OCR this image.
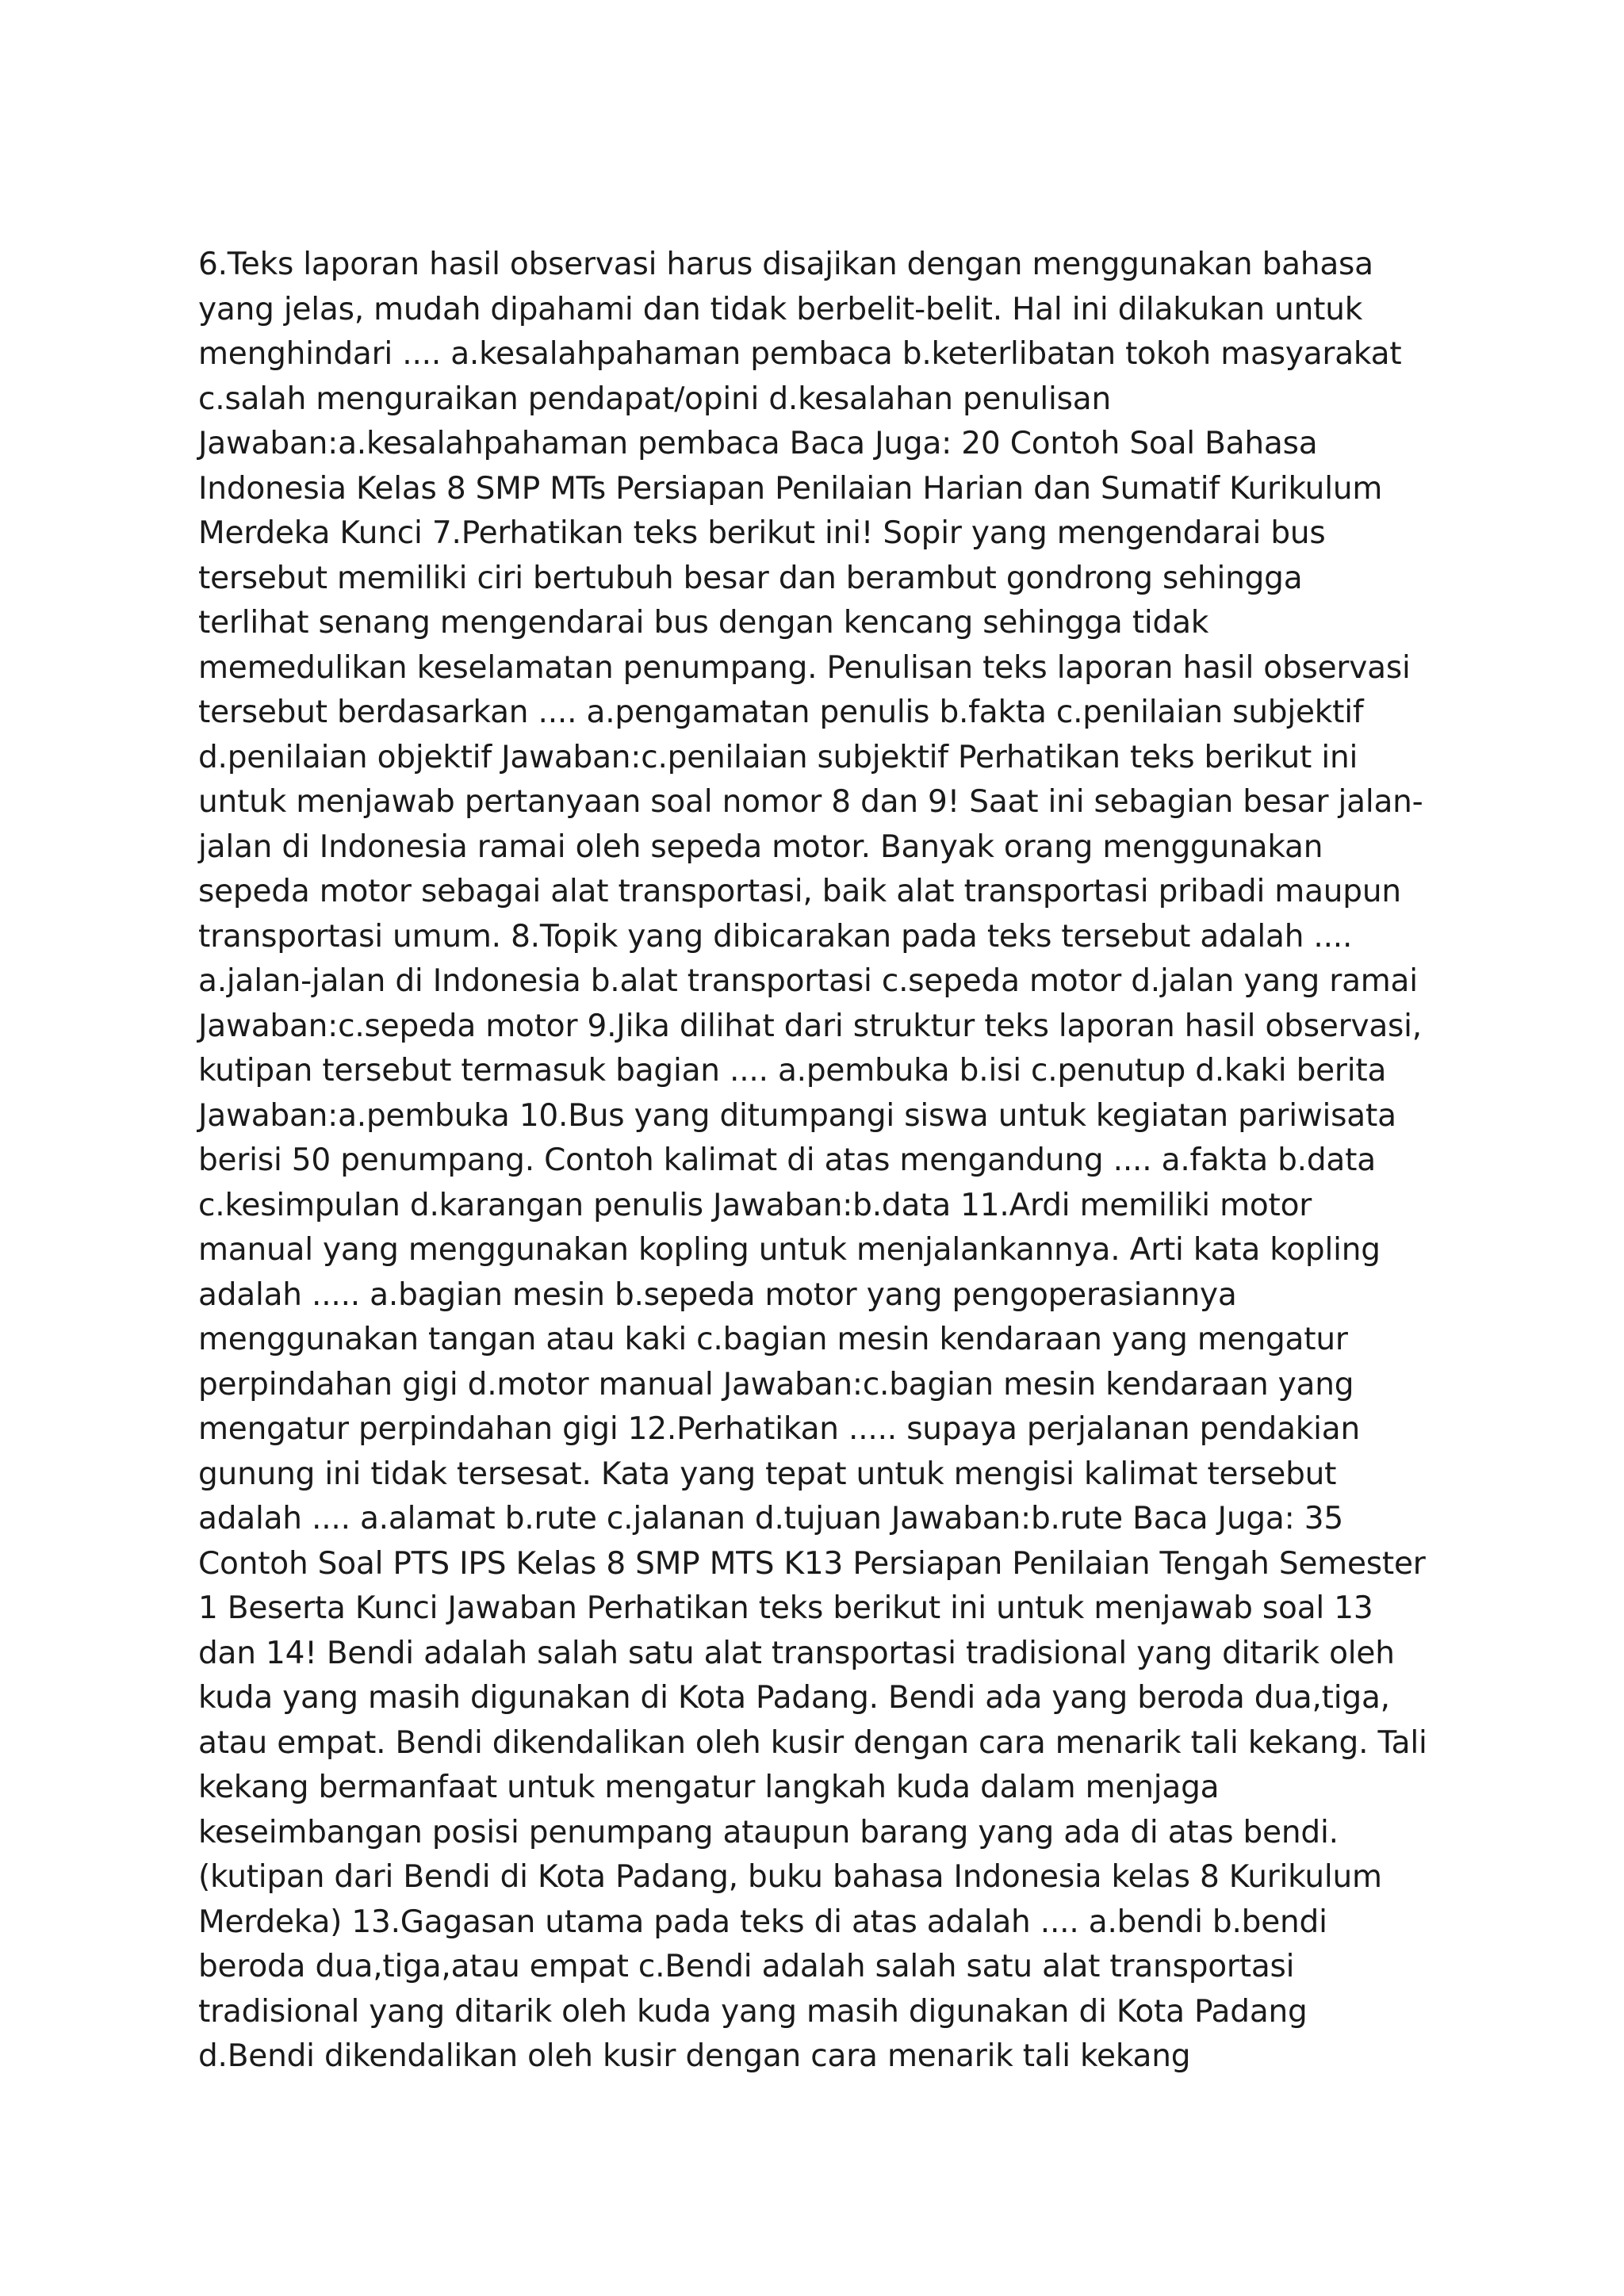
6.Teks laporan hasil observasi harus disajikan dengan menggunakan bahasa
yang jelas, mudah dipahami dan tidak berbelit-belit. Hal ini dilakukan untuk
menghindari .... a.kesalahpahaman pembaca b.keterlibatan tokoh masyarakat
c.salah menguraikan pendapat/opini d.kesalahan penulisan
Jawaban:a.kesalahpahaman pembaca Baca Juga: 20 Contoh Soal Bahasa
Indonesia Kelas 8 SMP MTs Persiapan Penilaian Harian dan Sumatif Kurikulum
Merdeka Kunci 7.Perhatikan teks berikut ini! Sopir yang mengendarai bus
tersebut memiliki ciri bertubuh besar dan berambut gondrong sehingga
terlihat senang mengendarai bus dengan kencang sehingga tidak
memedulikan keselamatan penumpang. Penulisan teks laporan hasil observasi
tersebut berdasarkan .... a.pengamatan penulis b.fakta c.penilaian subjektif
d.penilaian objektif Jawaban:c.penilaian subjektif Perhatikan teks berikut ini
untuk menjawab pertanyaan soal nomor 8 dan 9! Saat ini sebagian besar jalan-
jalan di Indonesia ramai oleh sepeda motor. Banyak orang menggunakan
sepeda motor sebagai alat transportasi, baik alat transportasi pribadi maupun
transportasi umum. 8.Topik yang dibicarakan pada teks tersebut adalah ....
a.jalan-jalan di Indonesia b.alat transportasi c.sepeda motor d.jalan yang ramai
Jawaban:c.sepeda motor 9.Jika dilihat dari struktur teks laporan hasil observasi,
kutipan tersebut termasuk bagian .... a.pembuka b.isi c.penutup d.kaki berita
Jawaban:a.pembuka 10.Bus yang ditumpangi siswa untuk kegiatan pariwisata
berisi 50 penumpang. Contoh kalimat di atas mengandung .... a.fakta b.data
c.kesimpulan d.karangan penulis Jawaban:b.data 11.Ardi memiliki motor
manual yang menggunakan kopling untuk menjalankannya. Arti kata kopling
adalah ..... a.bagian mesin b.sepeda motor yang pengoperasiannya
menggunakan tangan atau kaki c.bagian mesin kendaraan yang mengatur
perpindahan gigi d.motor manual Jawaban:c.bagian mesin kendaraan yang
mengatur perpindahan gigi 12.Perhatikan ..... supaya perjalanan pendakian
gunung ini tidak tersesat. Kata yang tepat untuk mengisi kalimat tersebut
adalah .... a.alamat b.rute c.jalanan d.tujuan Jawaban:b.rute Baca Juga: 35
Contoh Soal PTS IPS Kelas 8 SMP MTS K13 Persiapan Penilaian Tengah Semester
1 Beserta Kunci Jawaban Perhatikan teks berikut ini untuk menjawab soal 13
dan 14! Bendi adalah salah satu alat transportasi tradisional yang ditarik oleh
kuda yang masih digunakan di Kota Padang. Bendi ada yang beroda dua,tiga,
atau empat. Bendi dikendalikan oleh kusir dengan cara menarik tali kekang. Tali
kekang bermanfaat untuk mengatur langkah kuda dalam menjaga
keseimbangan posisi penumpang ataupun barang yang ada di atas bendi.
(kutipan dari Bendi di Kota Padang, buku bahasa Indonesia kelas 8 Kurikulum
Merdeka) 13.Gagasan utama pada teks di atas adalah .... a.bendi b.bendi
beroda dua,tiga,atau empat c.Bendi adalah salah satu alat transportasi
tradisional yang ditarik oleh kuda yang masih digunakan di Kota Padang
d.Bendi dikendalikan oleh kusir dengan cara menarik tali kekang
